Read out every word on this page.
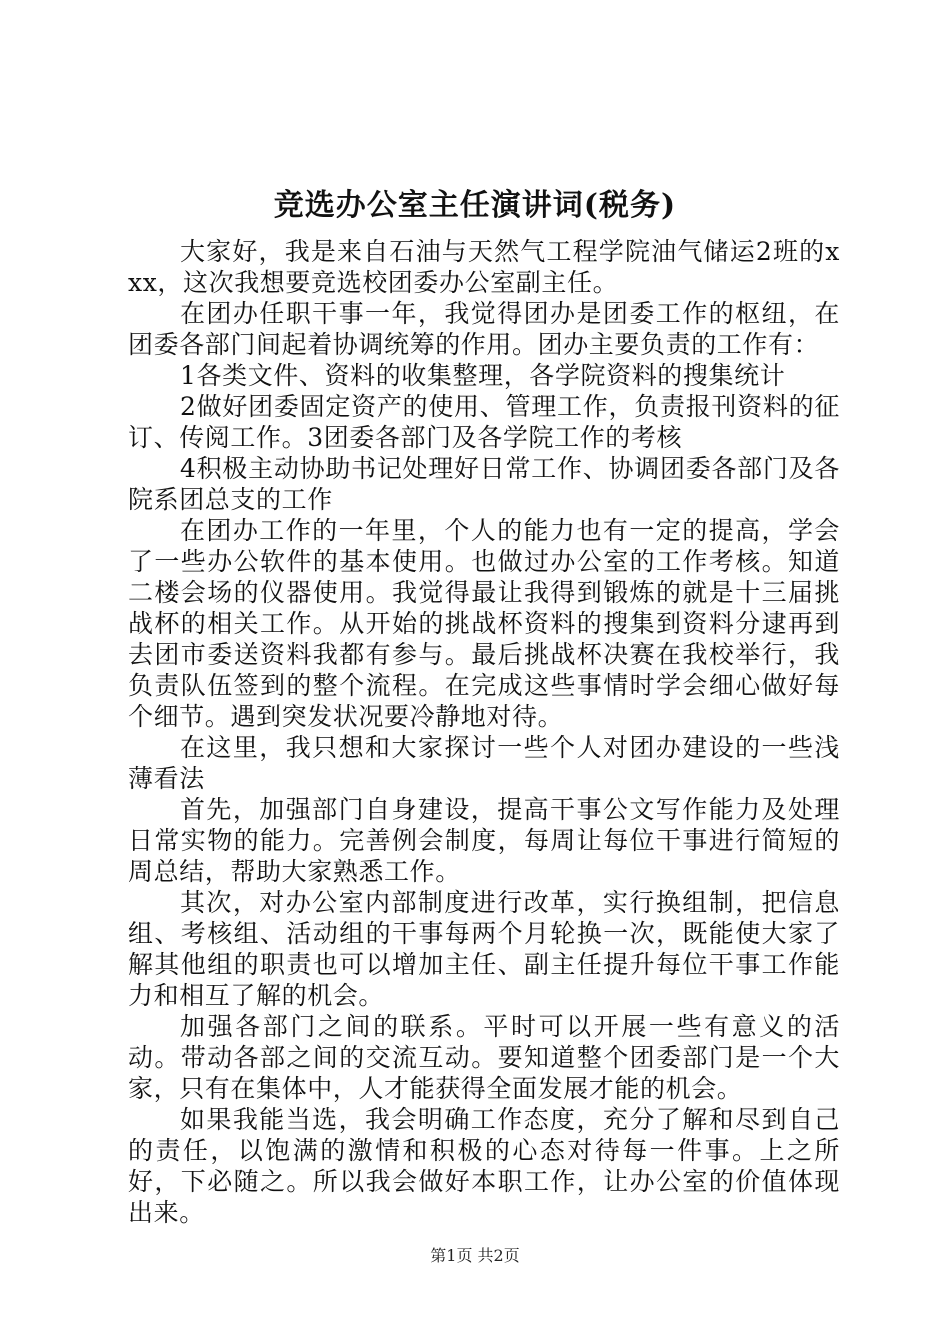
竞选办公室主任演讲词(税务)

大家好，我是来自石油与天然气工程学院油气储运2班的xxx，这次我想要竞选校团委办公室副主任。

在团办任职干事一年，我觉得团办是团委工作的枢纽，在团委各部门间起着协调统筹的作用。团办主要负责的工作有：

1各类文件、资料的收集整理，各学院资料的搜集统计

2做好团委固定资产的使用、管理工作，负责报刊资料的征订、传阅工作。3团委各部门及各学院工作的考核

4积极主动协助书记处理好日常工作、协调团委各部门及各院系团总支的工作

在团办工作的一年里，个人的能力也有一定的提高，学会了一些办公软件的基本使用。也做过办公室的工作考核。知道二楼会场的仪器使用。我觉得最让我得到锻炼的就是十三届挑战杯的相关工作。从开始的挑战杯资料的搜集到资料分逮再到去团市委送资料我都有参与。最后挑战杯决赛在我校举行，我负责队伍签到的整个流程。在完成这些事情时学会细心做好每个细节。遇到突发状况要冷静地对待。

在这里，我只想和大家探讨一些个人对团办建设的一些浅薄看法

首先，加强部门自身建设，提高干事公文写作能力及处理日常实物的能力。完善例会制度，每周让每位干事进行简短的周总结，帮助大家熟悉工作。

其次，对办公室内部制度进行改革，实行换组制，把信息组、考核组、活动组的干事每两个月轮换一次，既能使大家了解其他组的职责也可以增加主任、副主任提升每位干事工作能力和相互了解的机会。

加强各部门之间的联系。平时可以开展一些有意义的活动。带动各部之间的交流互动。要知道整个团委部门是一个大家，只有在集体中，人才能获得全面发展才能的机会。

如果我能当选，我会明确工作态度，充分了解和尽到自己的责任，以饱满的激情和积极的心态对待每一件事。上之所好，下必随之。所以我会做好本职工作，让办公室的价值体现出来。

第1页 共2页
